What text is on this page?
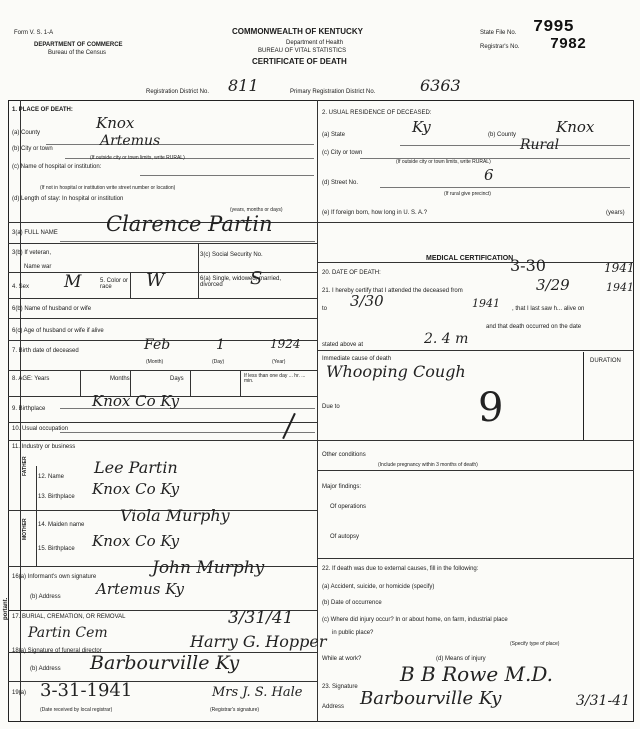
Form V. S. 1-A
DEPARTMENT OF COMMERCE
Bureau of the Census
COMMONWEALTH OF KENTUCKY
Department of Health
BUREAU OF VITAL STATISTICS
CERTIFICATE OF DEATH
State File No. 7995
Registrar's No. 7982
Registration District No. 811	Primary Registration District No.	6363
1. PLACE OF DEATH:
(a) County
Knox
(b) City or town	Artemus
(If outside city or town limits, write RURAL)
(c) Name of hospital or institution:
(If not in hospital or institution write street number or location)
(d) Length of stay: In hospital or institution
(years, months or days)
3(a) FULL NAME Clarence Partin
3(b) If veteran,
Name war
3(c) Social Security No.
4. Sex M	5. Color or race	W	6(a) Single, widowed, married, divorced	S
6(b) Name of husband or wife
6(c) Age of husband or wife if alive
7. Birth date of deceased	Feb	1	1924
(Month)	(Day)	(Year)
8. AGE: Years	Months	Days	If less than one day ... hr. ... min.
9. Birthplace	Knox Co Ky
10. Usual occupation
11. Industry or business
FATHER
12. Name Lee Partin
13. Birthplace Knox Co Ky
MOTHER 14. Maiden name Viola Murphy
15. Birthplace Knox Co Ky
16(a) Informant's own signature	John Murphy
(b) Address Artemus Ky
17. BURIAL, CREMATION, OR REMOVAL
Partin Cem
3/31/41
18(a) Signature of funeral director	Harry G. Hopper
(b) Address Barbourville Ky
19(a) 3-31-1941	Mrs J. S. Hale
(Date received by local registrar)	(Registrar's signature)
portant.
2. USUAL RESIDENCE OF DECEASED:
(a) State	Ky	(b) County	Knox
(c) City or town	Rural
(If outside city or town limits, write RURAL)
(d) Street No.	6
(If rural give precinct)
(e) If foreign born, how long in U. S. A.?	(years)
MEDICAL CERTIFICATION
20. DATE OF DEATH:	3-30	1941
21. I hereby certify that I attended the deceased from	3/29	1941
to 3/30	1941 , that I last saw h... alive on
and that death occurred on the date
stated above at	2. 4 m
Immediate cause of death	DURATION
Whooping Cough
Due to	9
Other conditions
(Include pregnancy within 3 months of death)
Major findings:
Of operations
Of autopsy
22. If death was due to external causes, fill in the following:
(a) Accident, suicide, or homicide (specify)
(b) Date of occurrence
(c) Where did injury occur? In or about home, on farm, industrial place
in public place?
(Specify type of place)
While at work?	(d) Means of injury
23. Signature
B B Rowe M.D.
Address Barbourville Ky	3/31-41
